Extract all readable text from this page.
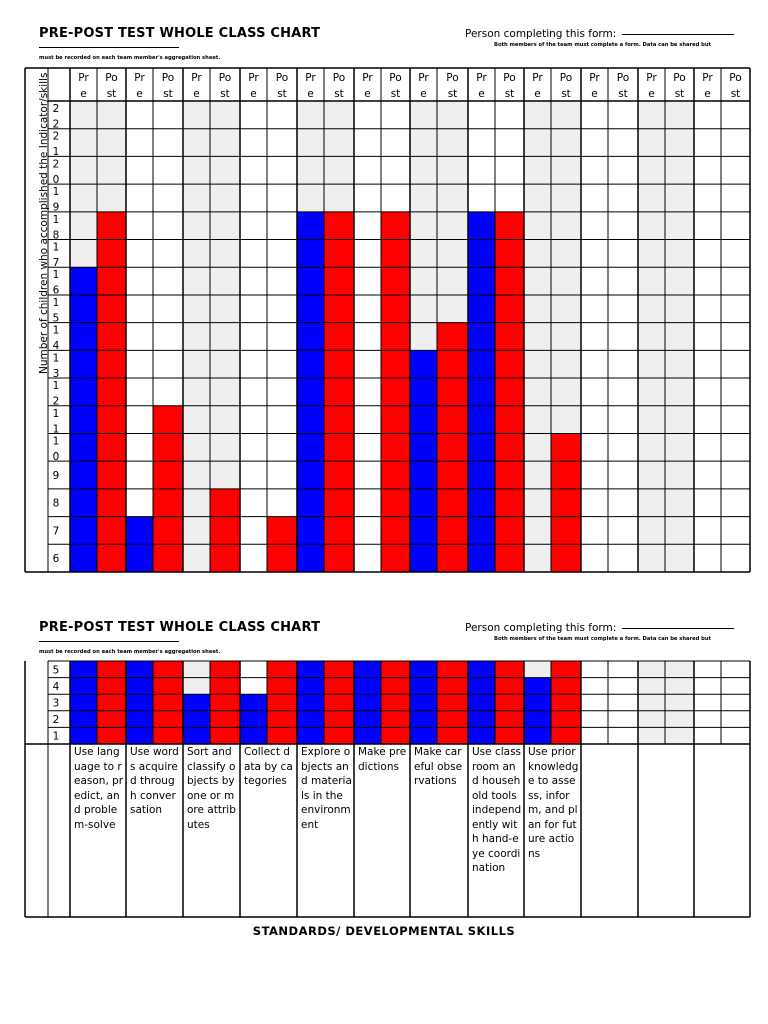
PRE-POST TEST WHOLE CLASS CHART	Person completing this form:
Both members of the team must complete a form. Data can be shared but
must be recorded on each team member's aggregation sheet.
Pr
e
Po
st
Pr
e
Po
st
Pr
e
Po
st
Pr
e
Po
st
Pr
e
Po
st
Pr
e
Po
st
Pr
e
Po
st
Pr
e
Po
st
Pr
e
Po
st
Pr
e
Po
st
Pr
e
Po
st
Pr
e
Po
st
2
2
2
1
2
0
1
9
1
8
1
7
1
6
1
5
1
4
1
3
1
2
1
1
1
0
9
8
7
6
Number of children who accomplished the Indicator/skills
PRE-POST TEST WHOLE CLASS CHART	Person completing this form:
Both members of the team must complete a form. Data can be shared but
must be recorded on each team member's aggregation sheet.
5
4
3
2
1
Use language to reason, predict, and problem-solve
Use words acquired through conversation
Sort and classify objects by one or more attributes
Collect data by categories
Explore objects and materials in the environment
Make predictions
Make careful observations
Use classroom and household tools independently with hand-eye coordination
Use prior knowledge to assess, inform, and plan for future actions
STANDARDS/ DEVELOPMENTAL SKILLS
